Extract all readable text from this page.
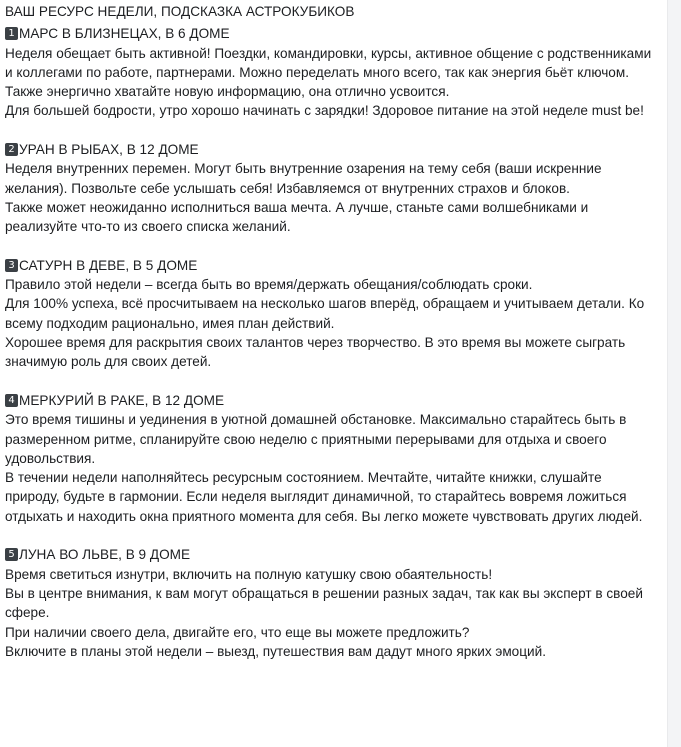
ВАШ РЕСУРС НЕДЕЛИ, ПОДСКАЗКА АСТРОКУБИКОВ
1 МАРС В БЛИЗНЕЦАХ, В 6 ДОМЕ

Неделя обещает быть активной! Поездки, командировки, курсы, активное общение с родственниками и коллегами по работе, партнерами. Можно переделать много всего, так как энергия бьёт ключом. Также энергично хватайте новую информацию, она отлично усвоится.

Для большей бодрости, утро хорошо начинать с зарядки! Здоровое питание на этой неделе must be!

2 УРАН В РЫБАХ, В 12 ДОМЕ

Неделя внутренних перемен. Могут быть внутренние озарения на тему себя (ваши искренние желания). Позвольте себе услышать себя! Избавляемся от внутренних страхов и блоков.

Также может неожиданно исполниться ваша мечта. А лучше, станьте сами волшебниками и реализуйте что-то из своего списка желаний.

3 САТУРН В ДЕВЕ, В 5 ДОМЕ

Правило этой недели – всегда быть во время/держать обещания/соблюдать сроки.

Для 100% успеха, всё просчитываем на несколько шагов вперёд, обращаем и учитываем детали. Ко всему подходим рационально, имея план действий.

Хорошее время для раскрытия своих талантов через творчество. В это время вы можете сыграть значимую роль для своих детей.

4 МЕРКУРИЙ В РАКЕ, В 12 ДОМЕ

Это время тишины и уединения в уютной домашней обстановке. Максимально старайтесь быть в размеренном ритме, спланируйте свою неделю с приятными перерывами для отдыха и своего удовольствия.

В течении недели наполняйтесь ресурсным состоянием. Мечтайте, читайте книжки, слушайте природу, будьте в гармонии. Если неделя выглядит динамичной, то старайтесь вовремя ложиться отдыхать и находить окна приятного момента для себя. Вы легко можете чувствовать других людей.

5 ЛУНА ВО ЛЬВЕ, В 9 ДОМЕ

Время светиться изнутри, включить на полную катушку свою обаятельность!

Вы в центре внимания, к вам могут обращаться в решении разных задач, так как вы эксперт в своей сфере.

При наличии своего дела, двигайте его, что еще вы можете предложить?

Включите в планы этой недели – выезд, путешествия вам дадут много ярких эмоций.
